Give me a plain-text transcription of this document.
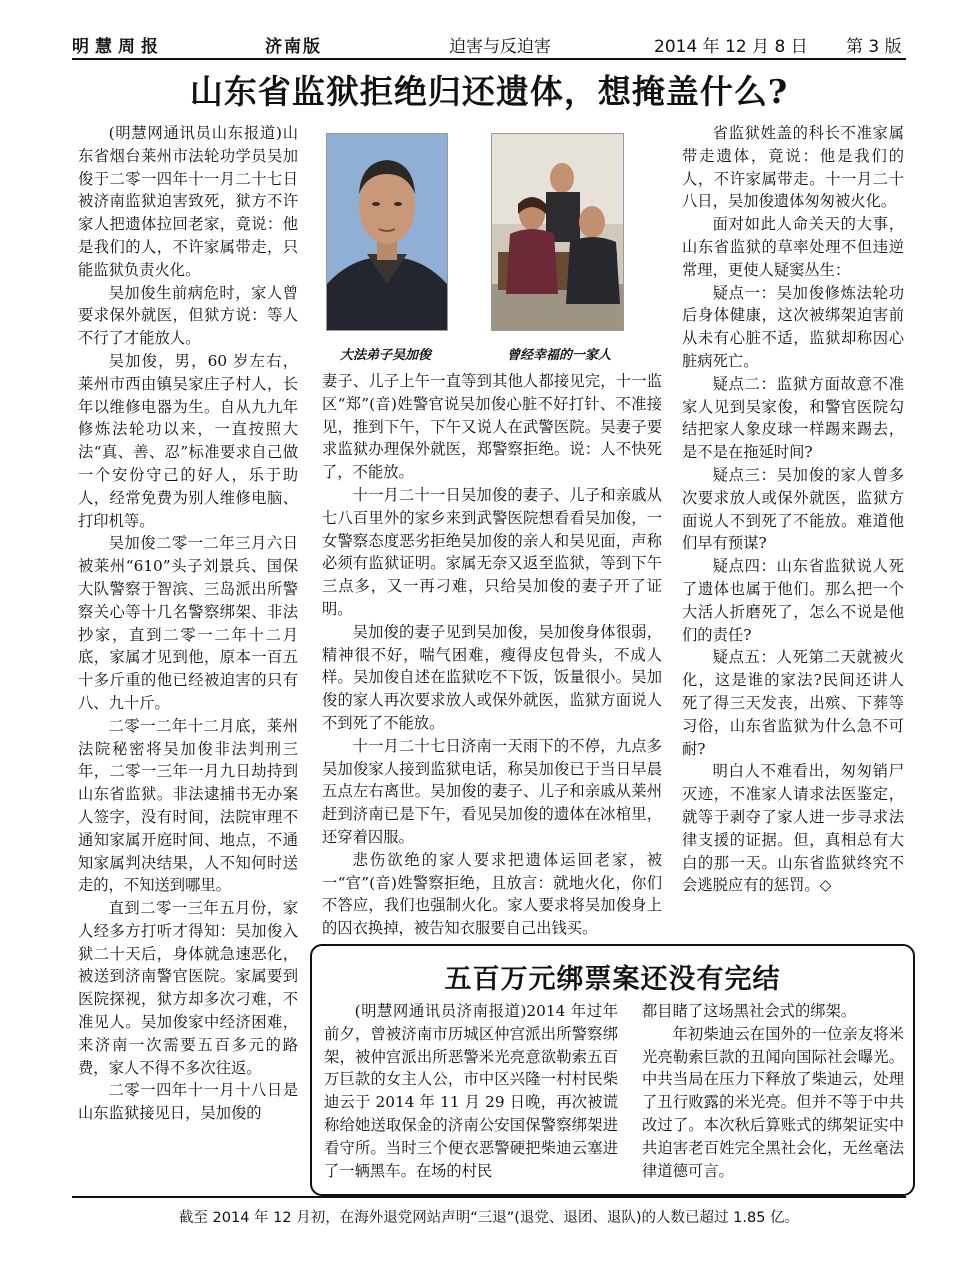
明慧周报	济南版	迫害与反迫害	2014 年 12 月 8 日 第 3 版
山东省监狱拒绝归还遗体，想掩盖什么?

(明慧网通讯员山东报道)山东省烟台莱州市法轮功学员吴加俊于二零一四年十一月二十七日被济南监狱迫害致死，狱方不许家人把遗体拉回老家，竟说：他是我们的人，不许家属带走，只能监狱负责火化。

吴加俊生前病危时，家人曾要求保外就医，但狱方说：等人不行了才能放人。

吴加俊，男，60 岁左右，莱州市西由镇吴家庄子村人，长年以维修电器为生。自从九九年修炼法轮功以来，一直按照大法“真、善、忍”标准要求自己做一个安份守己的好人，乐于助人，经常免费为别人维修电脑、打印机等。

吴加俊二零一二年三月六日被莱州“610”头子刘景兵、国保大队警察于智滨、三岛派出所警察关心等十几名警察绑架、非法抄家，直到二零一二年十二月底，家属才见到他，原本一百五十多斤重的他已经被迫害的只有八、九十斤。

二零一二年十二月底，莱州法院秘密将吴加俊非法判刑三年，二零一三年一月九日劫持到山东省监狱。非法逮捕书无办案人签字，没有时间，法院审理不通知家属开庭时间、地点，不通知家属判决结果，人不知何时送走的，不知送到哪里。

直到二零一三年五月份，家人经多方打听才得知：吴加俊入狱二十天后，身体就急速恶化，被送到济南警官医院。家属要到医院探视，狱方却多次刁难，不准见人。吴加俊家中经济困难，来济南一次需要五百多元的路费，家人不得不多次往返。

二零一四年十一月十八日是山东监狱接见日，吴加俊的

大法弟子吴加俊	曾经幸福的一家人

妻子、儿子上午一直等到其他人都接见完，十一监区“郑”(音)姓警官说吴加俊心脏不好打针、不准接见，推到下午，下午又说人在武警医院。吴妻子要求监狱办理保外就医，郑警察拒绝。说：人不快死了，不能放。

十一月二十一日吴加俊的妻子、儿子和亲戚从七八百里外的家乡来到武警医院想看看吴加俊，一女警察态度恶劣拒绝吴加俊的亲人和吴见面，声称必须有监狱证明。家属无奈又返至监狱，等到下午三点多，又一再刁难，只给吴加俊的妻子开了证明。

吴加俊的妻子见到吴加俊，吴加俊身体很弱，精神很不好，喘气困难，瘦得皮包骨头，不成人样。吴加俊自述在监狱吃不下饭，饭量很小。吴加俊的家人再次要求放人或保外就医，监狱方面说人不到死了不能放。

十一月二十七日济南一天雨下的不停，九点多吴加俊家人接到监狱电话，称吴加俊已于当日早晨五点左右离世。吴加俊的妻子、儿子和亲戚从莱州赶到济南已是下午，看见吴加俊的遗体在冰棺里，还穿着囚服。

悲伤欲绝的家人要求把遗体运回老家，被一“官”(音)姓警察拒绝，且放言：就地火化，你们不答应，我们也强制火化。家人要求将吴加俊身上的囚衣换掉，被告知衣服要自己出钱买。

省监狱姓盖的科长不准家属带走遗体，竟说：他是我们的人，不许家属带走。十一月二十八日，吴加俊遗体匆匆被火化。

面对如此人命关天的大事，山东省监狱的草率处理不但违逆常理，更使人疑窦丛生：

疑点一：吴加俊修炼法轮功后身体健康，这次被绑架迫害前从未有心脏不适，监狱却称因心脏病死亡。

疑点二：监狱方面故意不准家人见到吴家俊，和警官医院勾结把家人象皮球一样踢来踢去，是不是在拖延时间?

疑点三：吴加俊的家人曾多次要求放人或保外就医，监狱方面说人不到死了不能放。难道他们早有预谋?

疑点四：山东省监狱说人死了遗体也属于他们。那么把一个大活人折磨死了，怎么不说是他们的责任?

疑点五：人死第二天就被火化，这是谁的家法?民间还讲人死了得三天发丧，出殡、下葬等习俗，山东省监狱为什么急不可耐?

明白人不难看出，匆匆销尸灭迹，不准家人请求法医鉴定，就等于剥夺了家人进一步寻求法律支援的证据。但，真相总有大白的那一天。山东省监狱终究不会逃脱应有的惩罚。◇

五百万元绑票案还没有完结

(明慧网通讯员济南报道)2014 年过年前夕，曾被济南市历城区仲宫派出所警察绑架，被仲宫派出所恶警米光亮意欲勒索五百万巨款的女主人公，市中区兴隆一村村民柴迪云于 2014 年 11 月 29 日晚，再次被谎称给她送取保金的济南公安国保警察绑架进看守所。当时三个便衣恶警硬把柴迪云塞进了一辆黑车。在场的村民

都目睹了这场黑社会式的绑架。

年初柴迪云在国外的一位亲友将米光亮勒索巨款的丑闻向国际社会曝光。中共当局在压力下释放了柴迪云，处理了丑行败露的米光亮。但并不等于中共改过了。本次秋后算账式的绑架证实中共迫害老百姓完全黑社会化，无丝毫法律道德可言。

截至 2014 年 12 月初，在海外退党网站声明“三退”(退党、退团、退队)的人数已超过 1.85 亿。
